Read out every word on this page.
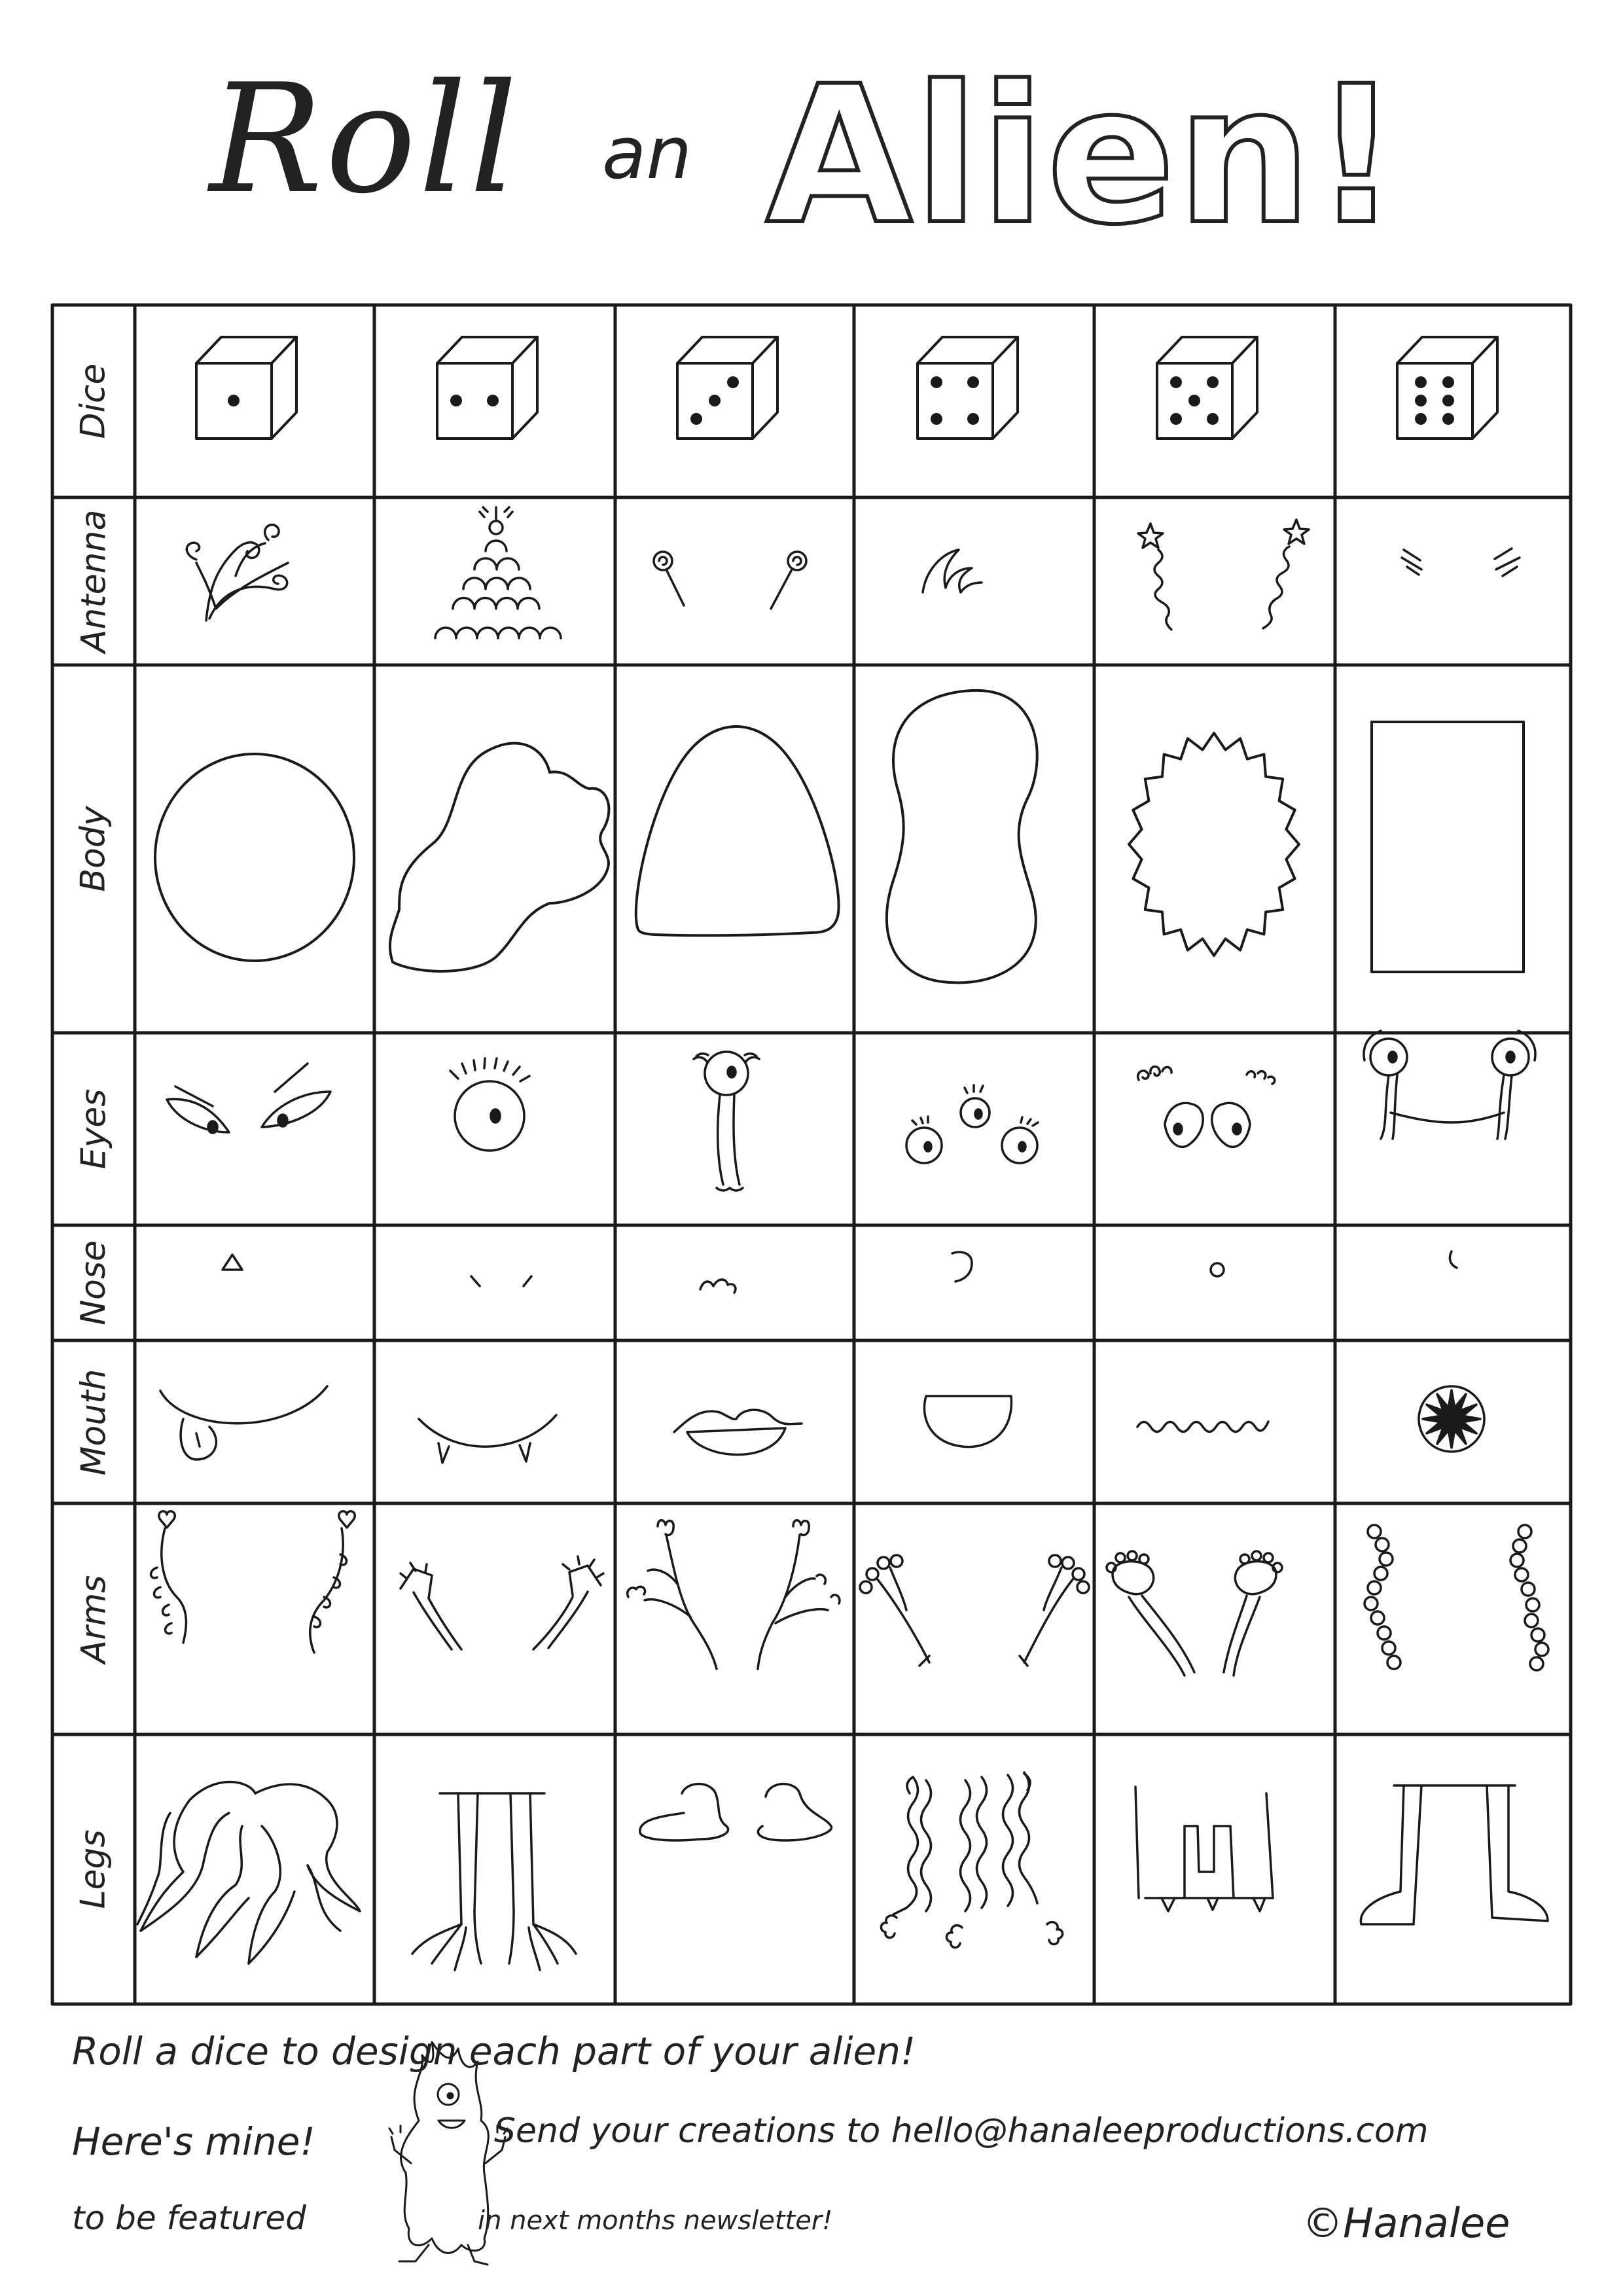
Roll an Alien!
Dice
Antenna
Body
Eyes
Nose
Mouth
Arms
Legs
Roll a dice to design each part of your alien!
Here's mine!	Send your creations to hello@hanaleeproductions.com
to be featured	in next months newsletter!	©Hanalee
